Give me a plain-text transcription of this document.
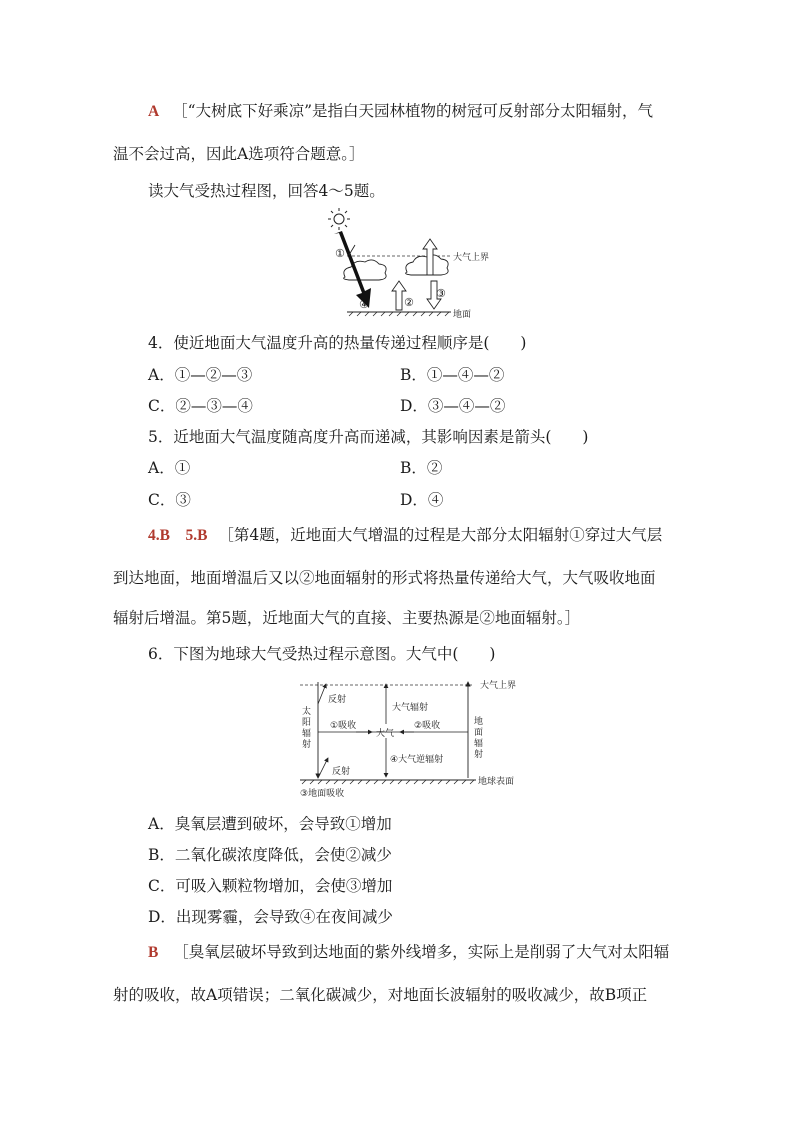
A ［“大树底下好乘凉”是指白天园林植物的树冠可反射部分太阳辐射，气
温不会过高，因此A选项符合题意。］
读大气受热过程图，回答4～5题。
大气上界
①
④	②
③
地面
4．使近地面大气温度升高的热量传递过程顺序是(　　)
A．①—②—③	B．①—④—②
C．②—③—④	D．③—④—②
5．近地面大气温度随高度升高而递减，其影响因素是箭头(　　)
A．①	B．②
C．③	D．④
4.B　5.B ［第4题，近地面大气增温的过程是大部分太阳辐射①穿过大气层
到达地面，地面增温后又以②地面辐射的形式将热量传递给大气，大气吸收地面
辐射后增温。第5题，近地面大气的直接、主要热源是②地面辐射。］
6．下图为地球大气受热过程示意图。大气中(　　)
大气上界
地球表面
太阳辐射
反射
①吸收
大气
②吸收
大气辐射
④大气逆辐射
地面辐射
反射
③地面吸收
A．臭氧层遭到破坏，会导致①增加
B．二氧化碳浓度降低，会使②减少
C．可吸入颗粒物增加，会使③增加
D．出现雾霾，会导致④在夜间减少
B ［臭氧层破坏导致到达地面的紫外线增多，实际上是削弱了大气对太阳辐
射的吸收，故A项错误；二氧化碳减少，对地面长波辐射的吸收减少，故B项正
